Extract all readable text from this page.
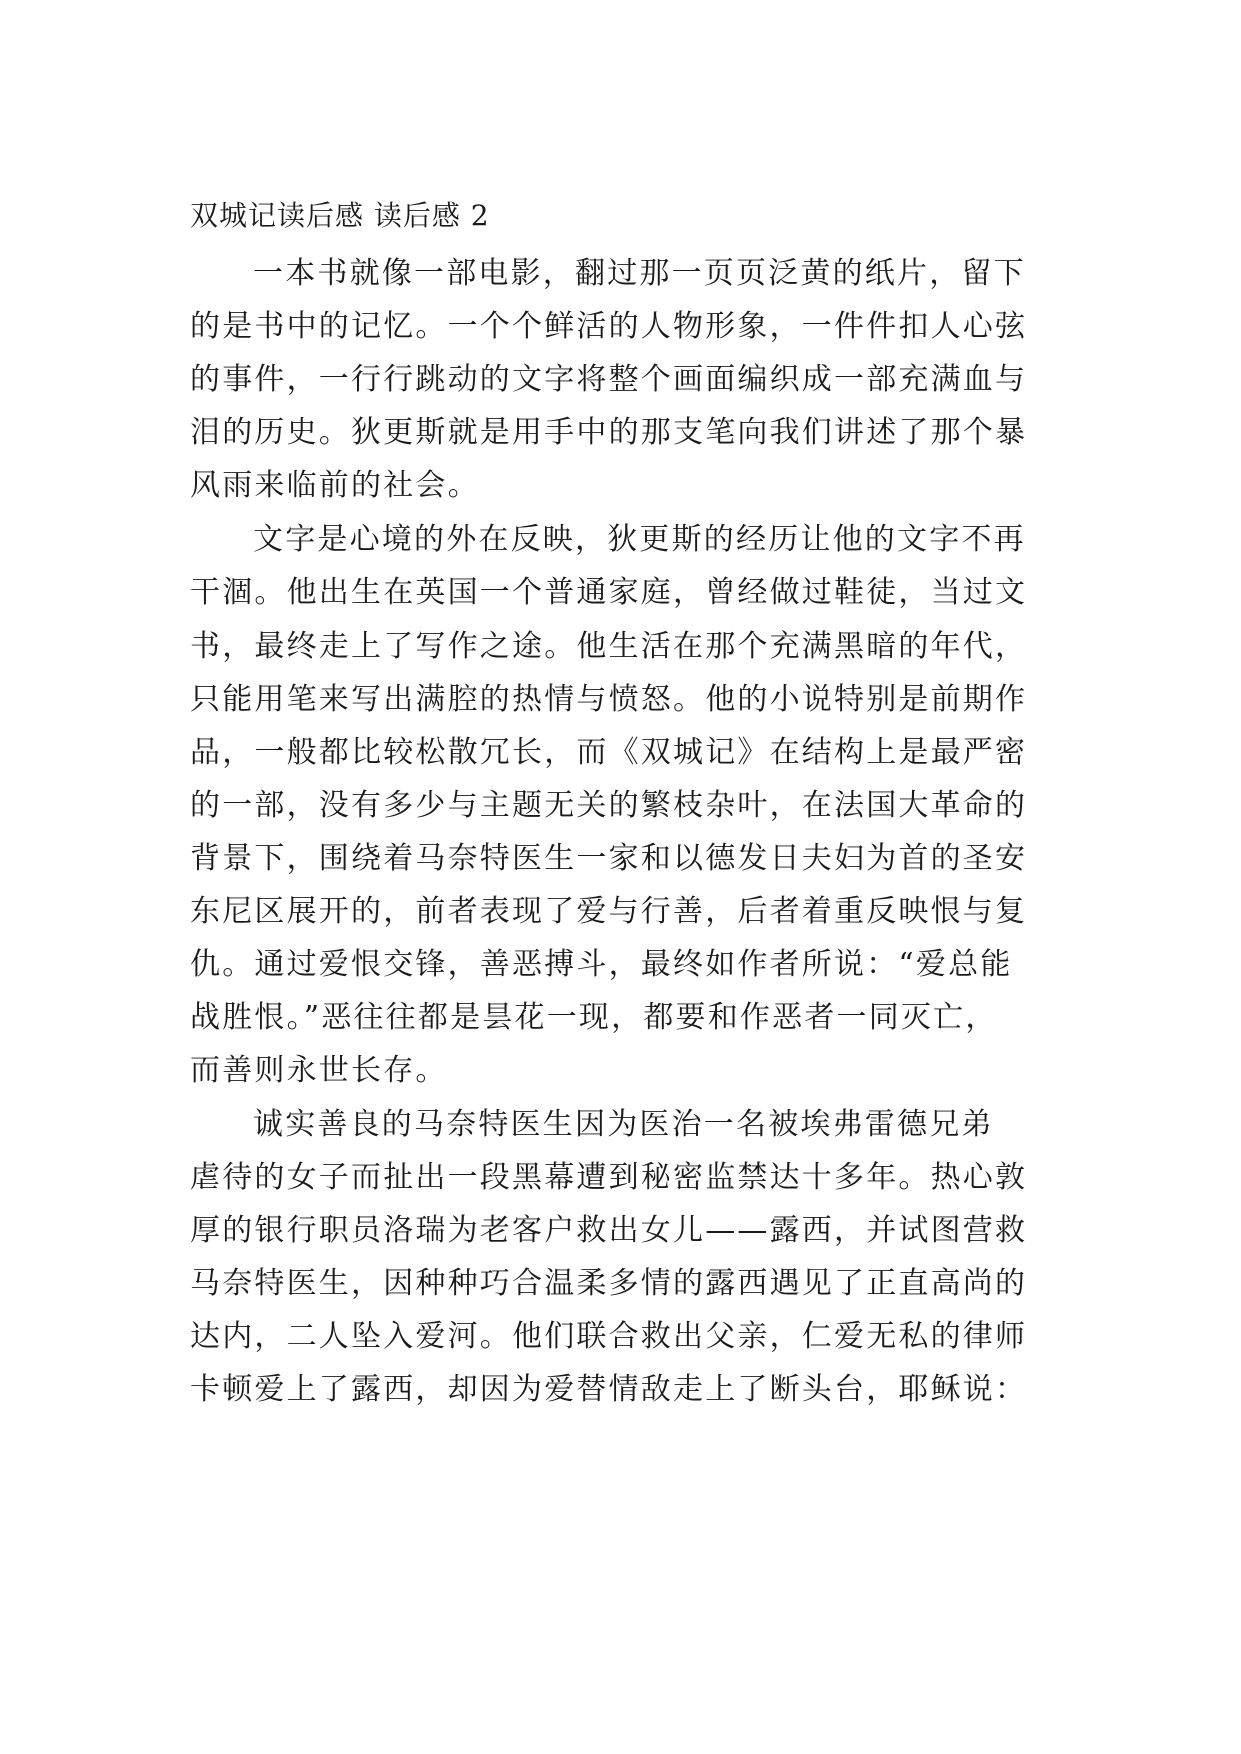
双城记读后感 读后感 2
一本书就像一部电影，翻过那一页页泛黄的纸片，留下
的是书中的记忆。一个个鲜活的人物形象，一件件扣人心弦
的事件，一行行跳动的文字将整个画面编织成一部充满血与
泪的历史。狄更斯就是用手中的那支笔向我们讲述了那个暴
风雨来临前的社会。
文字是心境的外在反映，狄更斯的经历让他的文字不再
干涸。他出生在英国一个普通家庭，曾经做过鞋徒，当过文
书，最终走上了写作之途。他生活在那个充满黑暗的年代，
只能用笔来写出满腔的热情与愤怒。他的小说特别是前期作
品，一般都比较松散冗长，而《双城记》在结构上是最严密
的一部，没有多少与主题无关的繁枝杂叶，在法国大革命的
背景下，围绕着马奈特医生一家和以德发日夫妇为首的圣安
东尼区展开的，前者表现了爱与行善，后者着重反映恨与复
仇。通过爱恨交锋，善恶搏斗，最终如作者所说：“爱总能
战胜恨。”恶往往都是昙花一现，都要和作恶者一同灭亡，
而善则永世长存。
诚实善良的马奈特医生因为医治一名被埃弗雷德兄弟
虐待的女子而扯出一段黑幕遭到秘密监禁达十多年。热心敦
厚的银行职员洛瑞为老客户救出女儿——露西，并试图营救
马奈特医生，因种种巧合温柔多情的露西遇见了正直高尚的
达内，二人坠入爱河。他们联合救出父亲，仁爱无私的律师
卡顿爱上了露西，却因为爱替情敌走上了断头台，耶稣说：
